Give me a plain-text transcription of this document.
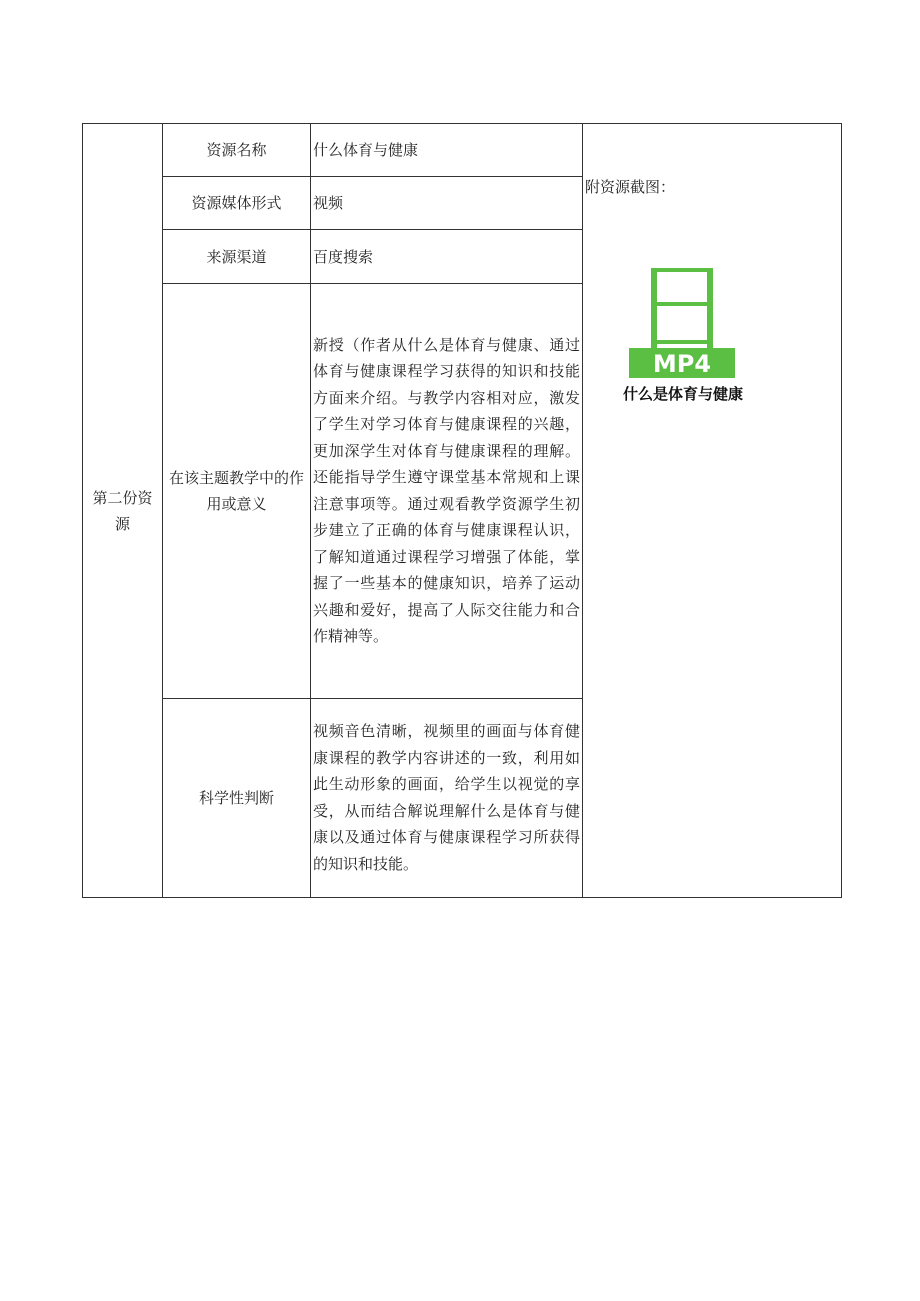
第二份资源	资源名称	什么体育与健康	附资源截图：
MP4
什么是体育与健康

	资源媒体形式	视频	
	来源渠道	百度搜索	
	在该主题教学中的作用或意义	新授（作者从什么是体育与健康、通过体育与健康课程学习获得的知识和技能方面来介绍。与教学内容相对应，激发了学生对学习体育与健康课程的兴趣，更加深学生对体育与健康课程的理解。还能指导学生遵守课堂基本常规和上课注意事项等。通过观看教学资源学生初步建立了正确的体育与健康课程认识，了解知道通过课程学习增强了体能，掌握了一些基本的健康知识，培养了运动兴趣和爱好，提高了人际交往能力和合作精神等。	
	科学性判断	视频音色清晰，视频里的画面与体育健康课程的教学内容讲述的一致，利用如此生动形象的画面，给学生以视觉的享受，从而结合解说理解什么是体育与健康以及通过体育与健康课程学习所获得的知识和技能。	
